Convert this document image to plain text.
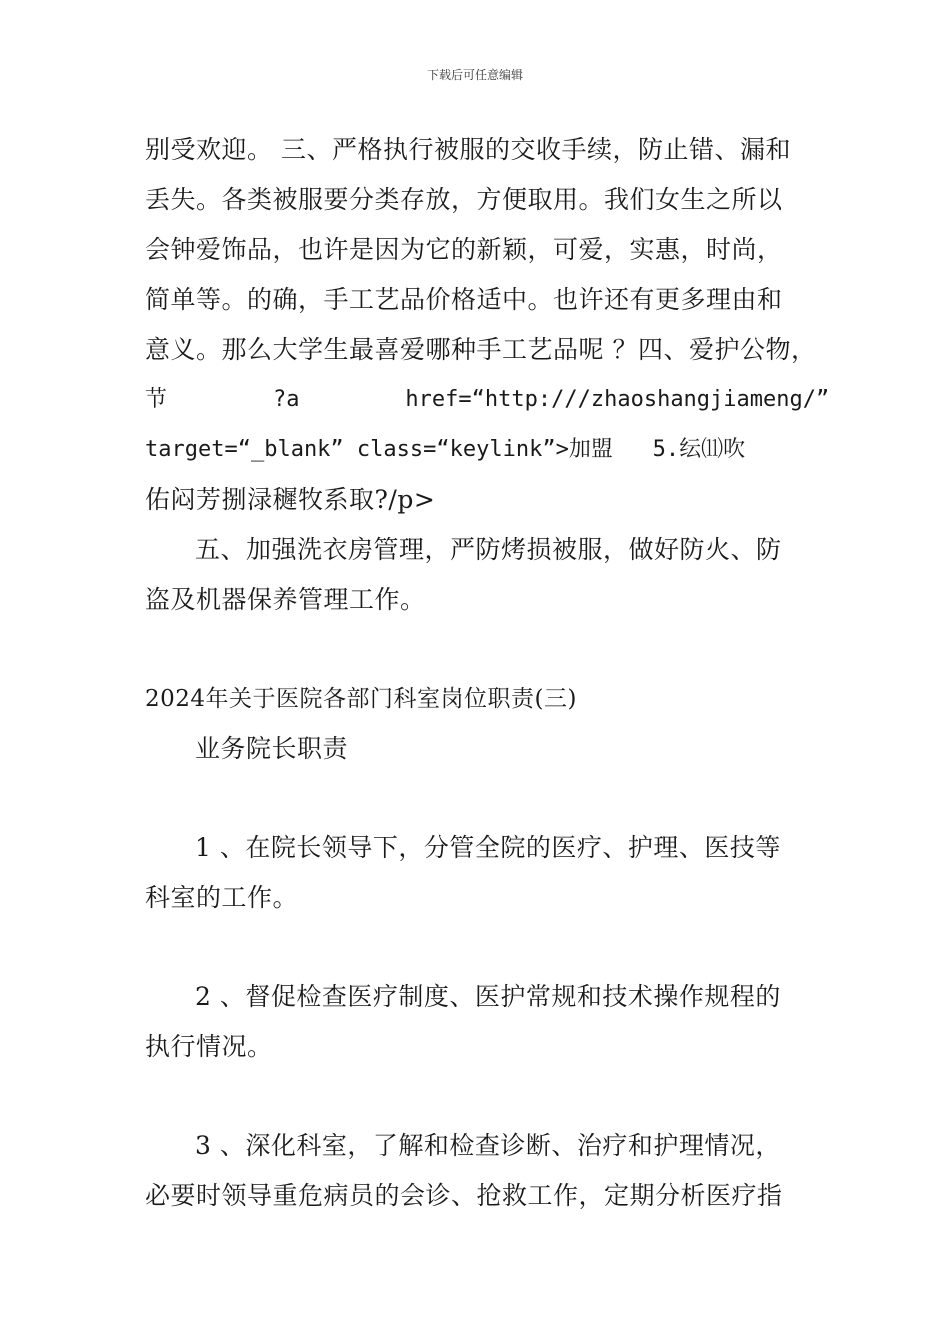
下载后可任意编辑
别受欢迎。 三、严格执行被服的交收手续，防止错、漏和
丢失。各类被服要分类存放，方便取用。我们女生之所以
会钟爱饰品，也许是因为它的新颖，可爱，实惠，时尚，
简单等。的确，手工艺品价格适中。也许还有更多理由和
意义。那么大学生最喜爱哪种手工艺品呢 ？四、爱护公物，
节        ?a        href=“http:///zhaoshangjiameng/”
target=“_blank” class=“keylink”>加盟   5.纭⑾吹
佑闷芳捌渌䆈牧系取?/p>
五、加强洗衣房管理，严防烤损被服，做好防火、防
盗及机器保养管理工作。
2024年关于医院各部门科室岗位职责(三)
业务院长职责
1 、在院长领导下，分管全院的医疗、护理、医技等
科室的工作。
2 、督促检查医疗制度、医护常规和技术操作规程的
执行情况。
3 、深化科室，了解和检查诊断、治疗和护理情况，
必要时领导重危病员的会诊、抢救工作，定期分析医疗指
